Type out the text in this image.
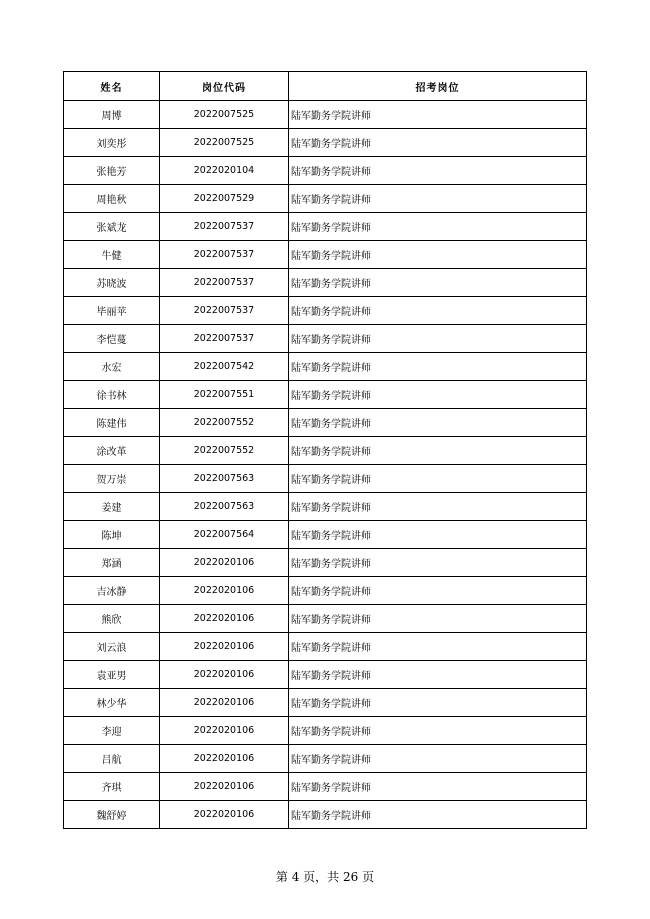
姓名	岗位代码	招考岗位
周博	2022007525	陆军勤务学院讲师
刘奕彤	2022007525	陆军勤务学院讲师
张艳芳	2022020104	陆军勤务学院讲师
周艳秋	2022007529	陆军勤务学院讲师
张斌龙	2022007537	陆军勤务学院讲师
牛健	2022007537	陆军勤务学院讲师
苏晓波	2022007537	陆军勤务学院讲师
毕丽苹	2022007537	陆军勤务学院讲师
李恺蔓	2022007537	陆军勤务学院讲师
水宏	2022007542	陆军勤务学院讲师
徐书林	2022007551	陆军勤务学院讲师
陈建伟	2022007552	陆军勤务学院讲师
涂改革	2022007552	陆军勤务学院讲师
贺万崇	2022007563	陆军勤务学院讲师
姜建	2022007563	陆军勤务学院讲师
陈坤	2022007564	陆军勤务学院讲师
郑涵	2022020106	陆军勤务学院讲师
吉冰静	2022020106	陆军勤务学院讲师
熊欣	2022020106	陆军勤务学院讲师
刘云浪	2022020106	陆军勤务学院讲师
袁亚男	2022020106	陆军勤务学院讲师
林少华	2022020106	陆军勤务学院讲师
李迎	2022020106	陆军勤务学院讲师
吕航	2022020106	陆军勤务学院讲师
齐琪	2022020106	陆军勤务学院讲师
魏舒婷	2022020106	陆军勤务学院讲师
第 4 页，共 26 页
